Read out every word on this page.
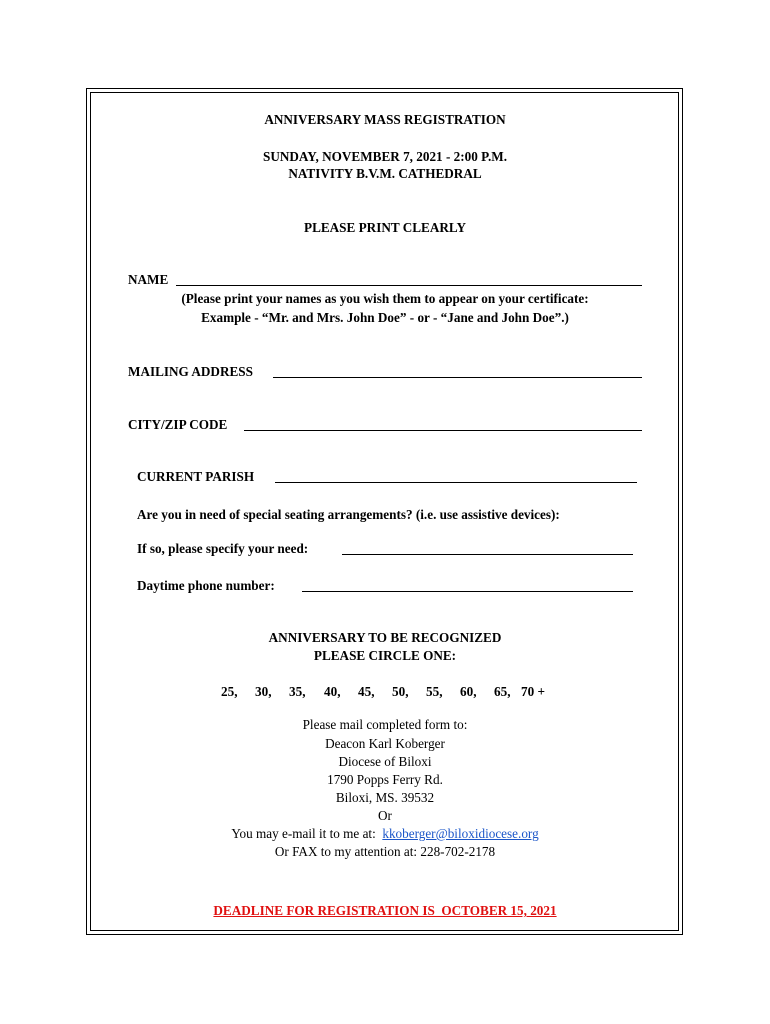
ANNIVERSARY MASS REGISTRATION
SUNDAY, NOVEMBER 7, 2021 - 2:00 P.M.
NATIVITY B.V.M. CATHEDRAL
PLEASE PRINT CLEARLY
NAME
(Please print your names as you wish them to appear on your certificate:
Example - “Mr. and Mrs. John Doe” - or - “Jane and John Doe”.)
MAILING ADDRESS
CITY/ZIP CODE
CURRENT PARISH
Are you in need of special seating arrangements? (i.e. use assistive devices):
If so, please specify your need:
Daytime phone number:
ANNIVERSARY TO BE RECOGNIZED
PLEASE CIRCLE ONE:
25, 30, 35, 40, 45, 50, 55, 60, 65, 70 +
Please mail completed form to:
Deacon Karl Koberger
Diocese of Biloxi
1790 Popps Ferry Rd.
Biloxi, MS. 39532
Or
You may e-mail it to me at:  kkoberger@biloxidiocese.org
Or FAX to my attention at: 228-702-2178
DEADLINE FOR REGISTRATION IS  OCTOBER 15, 2021
